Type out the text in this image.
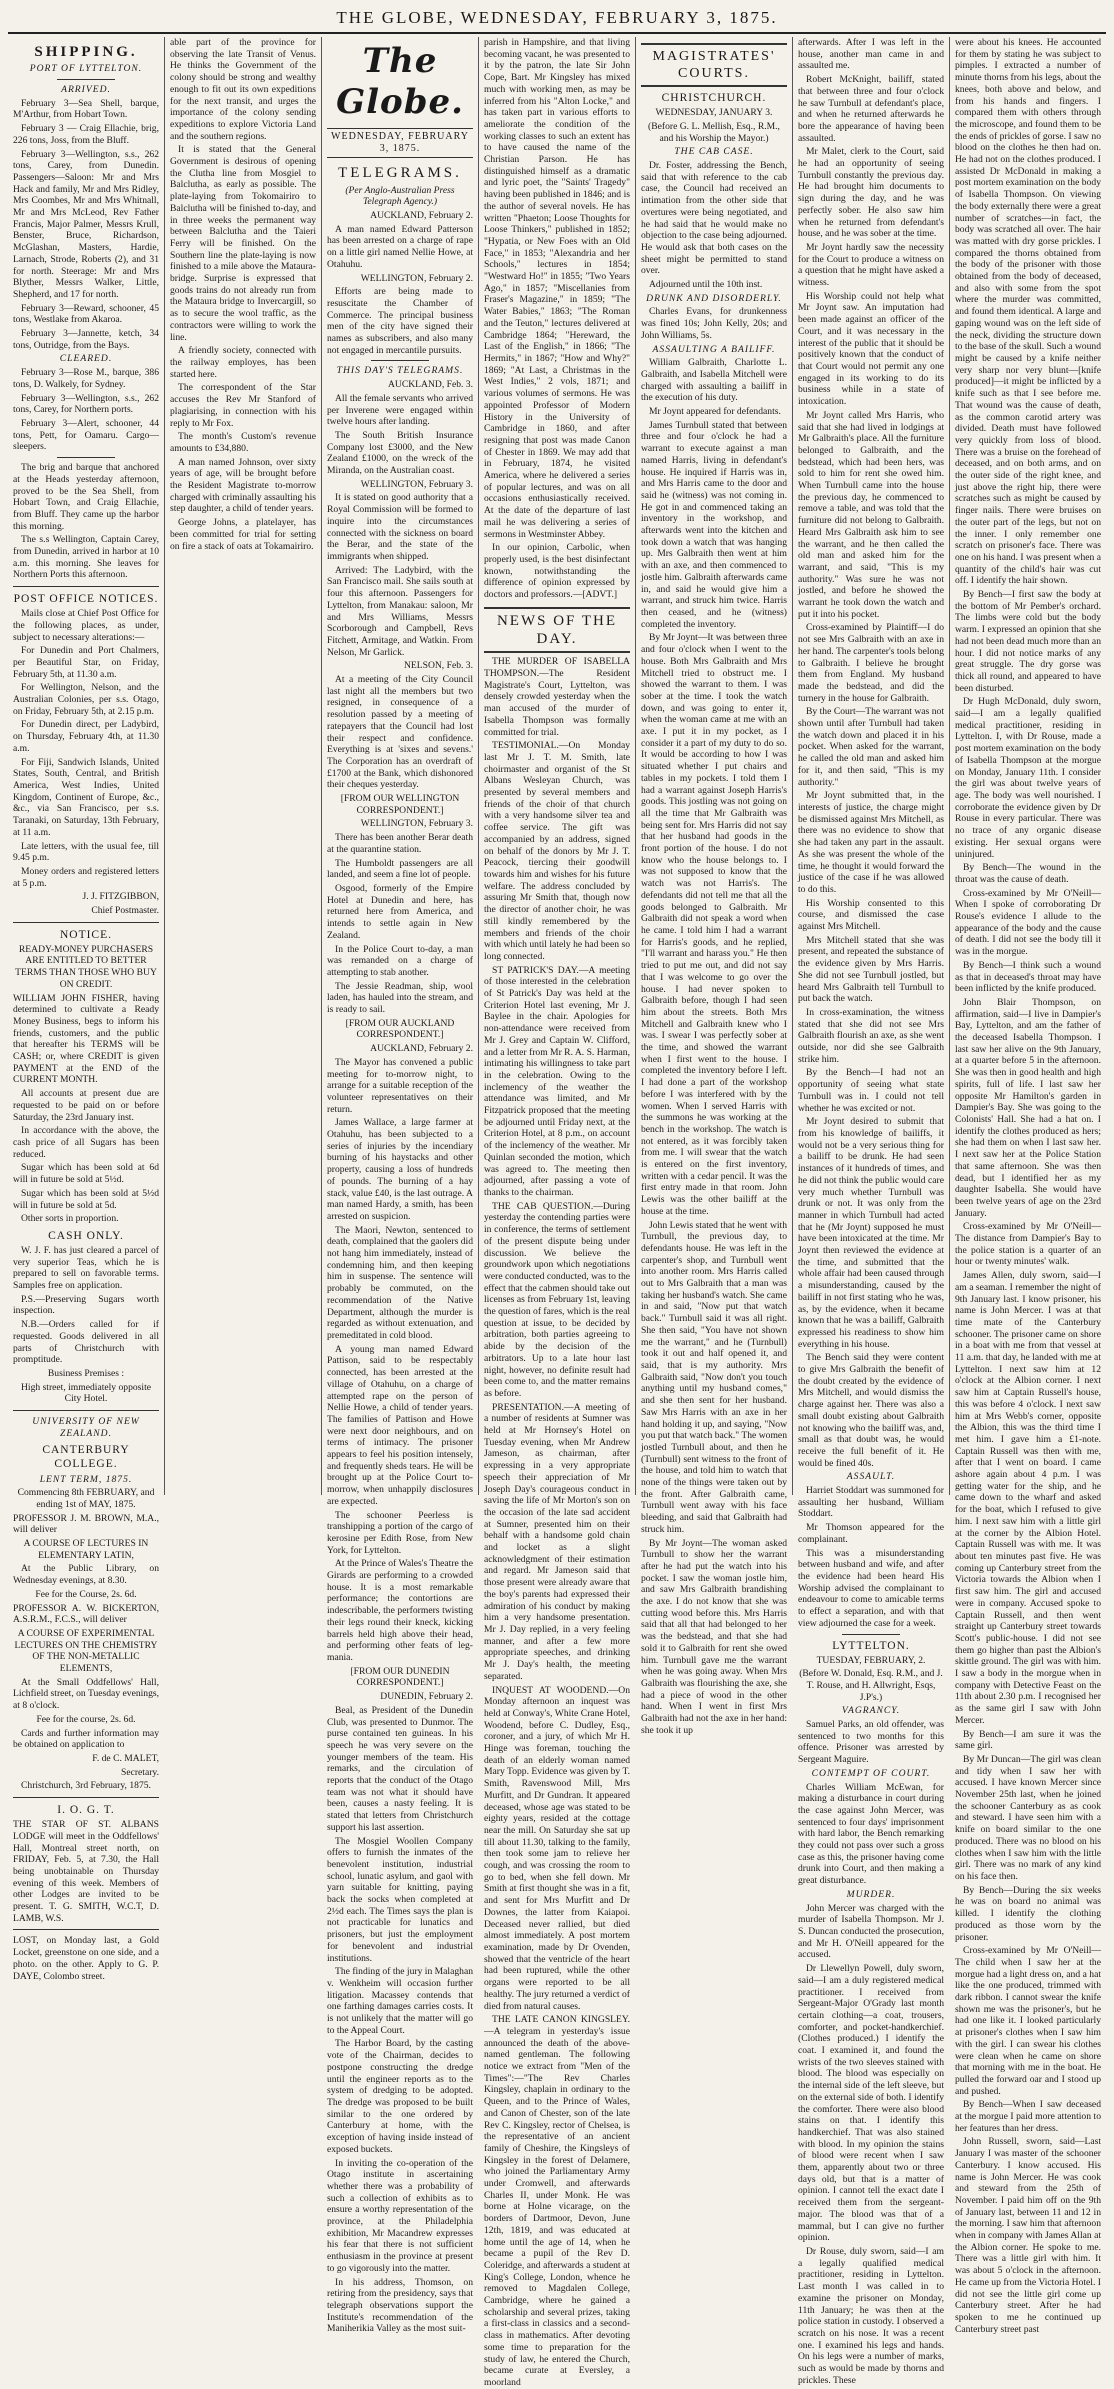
THE GLOBE, WEDNESDAY, FEBRUARY 3, 1875.
SHIPPING.
PORT OF LYTTELTON.
ARRIVED.

February 3—Sea Shell, barque, M'Arthur, from Hobart Town.

February 3 — Craig Ellachie, brig, 226 tons, Joss, from the Bluff.

February 3—Wellington, s.s., 262 tons, Carey, from Dunedin. Passengers—Saloon: Mr and Mrs Hack and family, Mr and Mrs Ridley, Mrs Coombes, Mr and Mrs Whitnall, Mr and Mrs McLeod, Rev Father Francis, Major Palmer, Messrs Krull, Benster, Bruce, Richardson, McGlashan, Masters, Hardie, Larnach, Strode, Roberts (2), and 31 for north. Steerage: Mr and Mrs Blyther, Messrs Walker, Little, Shepherd, and 17 for north.

February 3—Reward, schooner, 45 tons, Westlake from Akaroa.

February 3—Jannette, ketch, 34 tons, Outridge, from the Bays.

CLEARED.

February 3—Rose M., barque, 386 tons, D. Walkely, for Sydney.

February 3—Wellington, s.s., 262 tons, Carey, for Northern ports.

February 3—Alert, schooner, 44 tons, Pett, for Oamaru. Cargo—sleepers.

The brig and barque that anchored at the Heads yesterday afternoon, proved to be the Sea Shell, from Hobart Town, and Craig Ellachie, from Bluff. They came up the harbor this morning.

The s.s Wellington, Captain Carey, from Dunedin, arrived in harbor at 10 a.m. this morning. She leaves for Northern Ports this afternoon.

POST OFFICE NOTICES.

Mails close at Chief Post Office for the following places, as under, subject to necessary alterations:—

For Dunedin and Port Chalmers, per Beautiful Star, on Friday, February 5th, at 11.30 a.m.

For Wellington, Nelson, and the Australian Colonies, per s.s. Otago, on Friday, February 5th, at 2.15 p.m.

For Dunedin direct, per Ladybird, on Thursday, February 4th, at 11.30 a.m.

For Fiji, Sandwich Islands, United States, South, Central, and British America, West Indies, United Kingdom, Continent of Europe, &c., &c., via San Francisco, per s.s. Taranaki, on Saturday, 13th February, at 11 a.m.

Late letters, with the usual fee, till 9.45 p.m.

Money orders and registered letters at 5 p.m.

J. J. FITZGIBBON,

Chief Postmaster.

NOTICE.

READY-MONEY PURCHASERS ARE ENTITLED TO BETTER TERMS THAN THOSE WHO BUY ON CREDIT.

WILLIAM JOHN FISHER, having determined to cultivate a Ready Money Business, begs to inform his friends, customers, and the public that hereafter his TERMS will be CASH; or, where CREDIT is given PAYMENT at the END of the CURRENT MONTH.

All accounts at present due are requested to be paid on or before Saturday, the 23rd January inst.

In accordance with the above, the cash price of all Sugars has been reduced.

Sugar which has been sold at 6d will in future be sold at 5½d.

Sugar which has been sold at 5½d will in future be sold at 5d.

Other sorts in proportion.

CASH ONLY.

W. J. F. has just cleared a parcel of very superior Teas, which he is prepared to sell on favorable terms. Samples free on application.

P.S.—Preserving Sugars worth inspection.

N.B.—Orders called for if requested. Goods delivered in all parts of Christchurch with promptitude.

Business Premises :

High street, immediately opposite City Hotel.

UNIVERSITY OF NEW ZEALAND.
CANTERBURY COLLEGE.
LENT TERM, 1875.

Commencing 8th FEBRUARY, and ending 1st of MAY, 1875.

PROFESSOR J. M. BROWN, M.A., will deliver

A COURSE OF LECTURES IN ELEMENTARY LATIN,

At the Public Library, on Wednesday evenings, at 8.30.

Fee for the Course, 2s. 6d.

PROFESSOR A. W. BICKERTON, A.S.R.M., F.C.S., will deliver

A COURSE OF EXPERIMENTAL LECTURES ON THE CHEMISTRY OF THE NON-METALLIC ELEMENTS,

At the Small Oddfellows' Hall, Lichfield street, on Tuesday evenings, at 8 o'clock.

Fee for the course, 2s. 6d.

Cards and further information may be obtained on application to

F. de C. MALET,

Secretary.

Christchurch, 3rd February, 1875.

I. O. G. T.

THE STAR OF ST. ALBANS LODGE will meet in the Oddfellows' Hall, Montreal street north, on FRIDAY, Feb. 5, at 7.30, the Hall being unobtainable on Thursday evening of this week. Members of other Lodges are invited to be present. T. G. SMITH, W.C.T, D. LAMB, W.S.

LOST, on Monday last, a Gold Locket, greenstone on one side, and a photo. on the other. Apply to G. P. DAYE, Colombo street.

able part of the province for observing the late Transit of Venus. He thinks the Government of the colony should be strong and wealthy enough to fit out its own expeditions for the next transit, and urges the importance of the colony sending expeditions to explore Victoria Land and the southern regions.

It is stated that the General Government is desirous of opening the Clutha line from Mosgiel to Balclutha, as early as possible. The plate-laying from Tokomairiro to Balclutha will be finished to-day, and in three weeks the permanent way between Balclutha and the Taieri Ferry will be finished. On the Southern line the plate-laying is now finished to a mile above the Mataura-bridge. Surprise is expressed that goods trains do not already run from the Mataura bridge to Invercargill, so as to secure the wool traffic, as the contractors were willing to work the line.

A friendly society, connected with the railway employes, has been started here.

The correspondent of the Star accuses the Rev Mr Stanford of plagiarising, in connection with his reply to Mr Fox.

The month's Custom's revenue amounts to £34,880.

A man named Johnson, over sixty years of age, will be brought before the Resident Magistrate to-morrow charged with criminally assaulting his step daughter, a child of tender years.

George Johns, a platelayer, has been committed for trial for setting on fire a stack of oats at Tokamairiro.

The Globe.
WEDNESDAY, FEBRUARY 3, 1875.
TELEGRAMS.

(Per Anglo-Australian Press Telegraph Agency.)

AUCKLAND, February 2.

A man named Edward Patterson has been arrested on a charge of rape on a little girl named Nellie Howe, at Otahuhu.

WELLINGTON, February 2.

Efforts are being made to resuscitate the Chamber of Commerce. The principal business men of the city have signed their names as subscribers, and also many not engaged in mercantile pursuits.

THIS DAY'S TELEGRAMS.

AUCKLAND, Feb. 3.

All the female servants who arrived per Inverene were engaged within twelve hours after landing.

The South British Insurance Company lost £3000, and the New Zealand £1000, on the wreck of the Miranda, on the Australian coast.

WELLINGTON, February 3.

It is stated on good authority that a Royal Commission will be formed to inquire into the circumstances connected with the sickness on board the Berar, and the state of the immigrants when shipped.

Arrived: The Ladybird, with the San Francisco mail. She sails south at four this afternoon. Passengers for Lyttelton, from Manakau: saloon, Mr and Mrs Williams, Messrs Scorborough and Campbell, Revs Fitchett, Armitage, and Watkin. From Nelson, Mr Garlick.

NELSON, Feb. 3.

At a meeting of the City Council last night all the members but two resigned, in consequence of a resolution passed by a meeting of ratepayers that the Council had lost their respect and confidence. Everything is at 'sixes and sevens.' The Corporation has an overdraft of £1700 at the Bank, which dishonored their cheques yesterday.

[FROM OUR WELLINGTON CORRESPONDENT.]

WELLINGTON, February 3.

There has been another Berar death at the quarantine station.

The Humboldt passengers are all landed, and seem a fine lot of people.

Osgood, formerly of the Empire Hotel at Dunedin and here, has returned here from America, and intends to settle again in New Zealand.

In the Police Court to-day, a man was remanded on a charge of attempting to stab another.

The Jessie Readman, ship, wool laden, has hauled into the stream, and is ready to sail.

[FROM OUR AUCKLAND CORRESPONDENT.]

AUCKLAND, February 2.

The Mayor has convened a public meeting for to-morrow night, to arrange for a suitable reception of the volunteer representatives on their return.

James Wallace, a large farmer at Otahuhu, has been subjected to a series of injuries by the incendiary burning of his haystacks and other property, causing a loss of hundreds of pounds. The burning of a hay stack, value £40, is the last outrage. A man named Hardy, a smith, has been arrested on suspicion.

The Maori, Newton, sentenced to death, complained that the gaolers did not hang him immediately, instead of condemning him, and then keeping him in suspense. The sentence will probably be commuted, on the recommendation of the Native Department, although the murder is regarded as without extenuation, and premeditated in cold blood.

A young man named Edward Pattison, said to be respectably connected, has been arrested at the village of Otahuhu, on a charge of attempted rape on the person of Nellie Howe, a child of tender years. The families of Pattison and Howe were next door neighbours, and on terms of intimacy. The prisoner appears to feel his position intensely, and frequently sheds tears. He will be brought up at the Police Court to-morrow, when unhappily disclosures are expected.

The schooner Peerless is transhipping a portion of the cargo of kerosine per Edith Rose, from New York, for Lyttelton.

At the Prince of Wales's Theatre the Girards are performing to a crowded house. It is a most remarkable performance; the contortions are indescribable, the performers twisting their legs round their kneck, kicking barrels held high above their head, and performing other feats of leg-mania.

[FROM OUR DUNEDIN CORRESPONDENT.]

DUNEDIN, February 2.

Beal, as President of the Dunedin Club, was presented to Dunmor. The purse contained ten guineas. In his speech he was very severe on the younger members of the team. His remarks, and the circulation of reports that the conduct of the Otago team was not what it should have been, causes a nasty feeling. It is stated that letters from Christchurch support his last assertion.

The Mosgiel Woollen Company offers to furnish the inmates of the benevolent institution, industrial school, lunatic asylum, and gaol with yarn suitable for knitting, paying back the socks when completed at 2½d each. The Times says the plan is not practicable for lunatics and prisoners, but just the employment for benevolent and industrial institutions.

The finding of the jury in Malaghan v. Wenkheim will occasion further litigation. Macassey contends that one farthing damages carries costs. It is not unlikely that the matter will go to the Appeal Court.

The Harbor Board, by the casting vote of the Chairman, decides to postpone constructing the dredge until the engineer reports as to the system of dredging to be adopted. The dredge was proposed to be built similar to the one ordered by Canterbury at home, with the exception of having inside instead of exposed buckets.

In inviting the co-operation of the Otago institute in ascertaining whether there was a probability of such a collection of exhibits as to ensure a worthy representation of the province, at the Philadelphia exhibition, Mr Macandrew expresses his fear that there is not sufficient enthusiasm in the province at present to go vigorously into the matter.

In his address, Thomson, on retiring from the presidency, says that telegraph observations support the Institute's recommendation of the Maniherikia Valley as the most suit-

parish in Hampshire, and that living becoming vacant, he was presented to it by the patron, the late Sir John Cope, Bart. Mr Kingsley has mixed much with working men, as may be inferred from his "Alton Locke," and has taken part in various efforts to ameliorate the condition of the working classes to such an extent has to have caused the name of the Christian Parson. He has distinguished himself as a dramatic and lyric poet, the "Saints' Tragedy" having been published in 1846; and is the author of several novels. He has written "Phaeton; Loose Thoughts for Loose Thinkers," published in 1852; "Hypatia, or New Foes with an Old Face," in 1853; "Alexandria and her Schools," lectures in 1854; "Westward Ho!" in 1855; "Two Years Ago," in 1857; "Miscellanies from Fraser's Magazine," in 1859; "The Water Babies," 1863; "The Roman and the Teuton," lectures delivered at Cambridge 1864; "Hereward, the Last of the English," in 1866; "The Hermits," in 1867; "How and Why?" 1869; "At Last, a Christmas in the West Indies," 2 vols, 1871; and various volumes of sermons. He was appointed Professor of Modern History in the University of Cambridge in 1860, and after resigning that post was made Canon of Chester in 1869. We may add that in February, 1874, he visited America, where he delivered a series of popular lectures, and was on all occasions enthusiastically received. At the date of the departure of last mail he was delivering a series of sermons in Westminster Abbey.

In our opinion, Carbolic, when properly used, is the best disinfectant known, notwithstanding the difference of opinion expressed by doctors and professors.—[ADVT.]

NEWS OF THE DAY.

THE MURDER OF ISABELLA THOMPSON.—The Resident Magistrate's Court, Lyttelton, was densely crowded yesterday when the man accused of the murder of Isabella Thompson was formally committed for trial.

TESTIMONIAL.—On Monday last Mr J. T. M. Smith, late choirmaster and organist of the St Albans Wesleyan Church, was presented by several members and friends of the choir of that church with a very handsome silver tea and coffee service. The gift was accompanied by an address, signed on behalf of the donors by Mr J. T. Peacock, tiercing their goodwill towards him and wishes for his future welfare. The address concluded by assuring Mr Smith that, though now the director of another choir, he was still kindly remembered by the members and friends of the choir with which until lately he had been so long connected.

ST PATRICK'S DAY.—A meeting of those interested in the celebration of St Patrick's Day was held at the Criterion Hotel last evening, Mr J. Baylee in the chair. Apologies for non-attendance were received from Mr J. Grey and Captain W. Clifford, and a letter from Mr R. A. S. Harman, intimating his willingness to take part in the celebration. Owing to the inclemency of the weather the attendance was limited, and Mr Fitzpatrick proposed that the meeting be adjourned until Friday next, at the Criterion Hotel, at 8 p.m., on account of the inclemency of the weather. Mr Quinlan seconded the motion, which was agreed to. The meeting then adjourned, after passing a vote of thanks to the chairman.

THE CAB QUESTION.—During yesterday the contending parties were in conference, the terms of settlement of the present dispute being under discussion. We believe the groundwork upon which negotiations were conducted conducted, was to the effect that the cabmen should take out licenses as from February 1st, leaving the question of fares, which is the real question at issue, to be decided by arbitration, both parties agreeing to abide by the decision of the arbitrators. Up to a late hour last night, however, no definite result had been come to, and the matter remains as before.

PRESENTATION.—A meeting of a number of residents at Sumner was held at Mr Hornsey's Hotel on Tuesday evening, when Mr Andrew Jameson, as chairman, after expressing in a very appropriate speech their appreciation of Mr Joseph Day's courageous conduct in saving the life of Mr Morton's son on the occasion of the late sad accident at Sumner, presented him on their behalf with a handsome gold chain and locket as a slight acknowledgment of their estimation and regard. Mr Jameson said that those present were already aware that the boy's parents had expressed their admiration of his conduct by making him a very handsome presentation. Mr J. Day replied, in a very feeling manner, and after a few more appropriate speeches, and drinking Mr J. Day's health, the meeting separated.

INQUEST AT WOODEND.—On Monday afternoon an inquest was held at Conway's, White Crane Hotel, Woodend, before C. Dudley, Esq., coroner, and a jury, of which Mr H. Hinge was foreman, touching the death of an elderly woman named Mary Topp. Evidence was given by T. Smith, Ravenswood Mill, Mrs Murfitt, and Dr Gundran. It appeared deceased, whose age was stated to be eighty years, resided at the cottage near the mill. On Saturday she sat up till about 11.30, talking to the family, then took some jam to relieve her cough, and was crossing the room to go to bed, when she fell down. Mr Smith at first thought she was in a fit, and sent for Mrs Murfitt and Dr Downes, the latter from Kaiapoi. Deceased never rallied, but died almost immediately. A post mortem examination, made by Dr Ovenden, showed that the ventricle of the heart had been ruptured, while the other organs were reported to be all healthy. The jury returned a verdict of died from natural causes.

THE LATE CANON KINGSLEY.—A telegram in yesterday's issue announced the death of the above-named gentleman. The following notice we extract from "Men of the Times":—"The Rev Charles Kingsley, chaplain in ordinary to the Queen, and to the Prince of Wales, and Canon of Chester, son of the late Rev C. Kingsley, rector of Chelsea, is the representative of an ancient family of Cheshire, the Kingsleys of Kingsley in the forest of Delamere, who joined the Parliamentary Army under Cromwell, and afterwards Charles II, under Monk. He was borne at Holne vicarage, on the borders of Dartmoor, Devon, June 12th, 1819, and was educated at home until the age of 14, when he became a pupil of the Rev D. Coleridge, and afterwards a student at King's College, London, whence he removed to Magdalen College, Cambridge, where he gained a scholarship and several prizes, taking a first-class in classics and a second-class in mathematics. After devoting some time to preparation for the study of law, he entered the Church, became curate at Eversley, a moorland

MAGISTRATES' COURTS.
CHRISTCHURCH.

WEDNESDAY, JANUARY 3.

(Before G. L. Mellish, Esq., R.M., and his Worship the Mayor.)

THE CAB CASE.

Dr. Foster, addressing the Bench, said that with reference to the cab case, the Council had received an intimation from the other side that overtures were being negotiated, and he had said that he would make no objection to the case being adjourned. He would ask that both cases on the sheet might be permitted to stand over.

Adjourned until the 10th inst.

DRUNK AND DISORDERLY.

Charles Evans, for drunkenness was fined 10s; John Kelly, 20s; and John Williams, 5s.

ASSAULTING A BAILIFF.

William Galbraith, Charlotte L. Galbraith, and Isabella Mitchell were charged with assaulting a bailiff in the execution of his duty.

Mr Joynt appeared for defendants.

James Turnbull stated that between three and four o'clock he had a warrant to execute against a man named Harris, living in defendant's house. He inquired if Harris was in, and Mrs Harris came to the door and said he (witness) was not coming in. He got in and commenced taking an inventory in the workshop, and afterwards went into the kitchen and took down a watch that was hanging up. Mrs Galbraith then went at him with an axe, and then commenced to jostle him. Galbraith afterwards came in, and said he would give him a warrant, and struck him twice. Harris then ceased, and he (witness) completed the inventory.

By Mr Joynt—It was between three and four o'clock when I went to the house. Both Mrs Galbraith and Mrs Mitchell tried to obstruct me. I showed the warrant to them. I was sober at the time. I took the watch down, and was going to enter it, when the woman came at me with an axe. I put it in my pocket, as I consider it a part of my duty to do so. It would be according to how I was situated whether I put chairs and tables in my pockets. I told them I had a warrant against Joseph Harris's goods. This jostling was not going on all the time that Mr Galbraith was being sent for. Mrs Harris did not say that her husband had goods in the front portion of the house. I do not know who the house belongs to. I was not supposed to know that the watch was not Harris's. The defendants did not tell me that all the goods belonged to Galbraith. Mr Galbraith did not speak a word when he came. I told him I had a warrant for Harris's goods, and he replied, "I'll warrant and harass you." He then tried to put me out, and did not say that I was welcome to go over the house. I had never spoken to Galbraith before, though I had seen him about the streets. Both Mrs Mitchell and Galbraith knew who I was. I swear I was perfectly sober at the time, and showed the warrant when I first went to the house. I completed the inventory before I left. I had done a part of the workshop before I was interfered with by the women. When I served Harris with the summons he was working at the bench in the workshop. The watch is not entered, as it was forcibly taken from me. I will swear that the watch is entered on the first inventory, written with a cedar pencil. It was the first entry made in that room. John Lewis was the other bailiff at the house at the time.

John Lewis stated that he went with Turnbull, the previous day, to defendants house. He was left in the carpenter's shop, and Turnbull went into another room. Mrs Harris called out to Mrs Galbraith that a man was taking her husband's watch. She came in and said, "Now put that watch back." Turnbull said it was all right. She then said, "You have not shown me the warrant," and he (Turnbull) took it out and half opened it, and said, that is my authority. Mrs Galbraith said, "Now don't you touch anything until my husband comes," and she then sent for her husband. Saw Mrs Harris with an axe in her hand holding it up, and saying, "Now you put that watch back." The women jostled Turnbull about, and then he (Turnbull) sent witness to the front of the house, and told him to watch that none of the things were taken out by the front. After Galbraith came, Turnbull went away with his face bleeding, and said that Galbraith had struck him.

By Mr Joynt—The woman asked Turnbull to show her the warrant after he had put the watch into his pocket. I saw the woman jostle him, and saw Mrs Galbraith brandishing the axe. I do not know that she was cutting wood before this. Mrs Harris said that all that had belonged to her was the bedstead, and that she had sold it to Galbraith for rent she owed him. Turnbull gave me the warrant when he was going away. When Mrs Galbraith was flourishing the axe, she had a piece of wood in the other hand. When I went in first Mrs Galbraith had not the axe in her hand: she took it up

afterwards. After I was left in the house, another man came in and assaulted me.

Robert McKnight, bailiff, stated that between three and four o'clock he saw Turnbull at defendant's place, and when he returned afterwards he bore the appearance of having been assaulted.

Mr Malet, clerk to the Court, said he had an opportunity of seeing Turnbull constantly the previous day. He had brought him documents to sign during the day, and he was perfectly sober. He also saw him when he returned from defendant's house, and he was sober at the time.

Mr Joynt hardly saw the necessity for the Court to produce a witness on a question that he might have asked a witness.

His Worship could not help what Mr Joynt saw. An imputation had been made against an officer of the Court, and it was necessary in the interest of the public that it should be positively known that the conduct of that Court would not permit any one engaged in its working to do its business while in a state of intoxication.

Mr Joynt called Mrs Harris, who said that she had lived in lodgings at Mr Galbraith's place. All the furniture belonged to Galbraith, and the bedstead, which had been hers, was sold to him for rent she owed him. When Turnbull came into the house the previous day, he commenced to remove a table, and was told that the furniture did not belong to Galbraith. Heard Mrs Galbraith ask him to see the warrant, and he then called the old man and asked him for the warrant, and said, "This is my authority." Was sure he was not jostled, and before he showed the warrant he took down the watch and put it into his pocket.

Cross-examined by Plaintiff—I do not see Mrs Galbraith with an axe in her hand. The carpenter's tools belong to Galbraith. I believe he brought them from England. My husband made the bedstead, and did the turnery in the house for Galbraith.

By the Court—The warrant was not shown until after Turnbull had taken the watch down and placed it in his pocket. When asked for the warrant, he called the old man and asked him for it, and then said, "This is my authority."

Mr Joynt submitted that, in the interests of justice, the charge might be dismissed against Mrs Mitchell, as there was no evidence to show that she had taken any part in the assault. As she was present the whole of the time, he thought it would forward the justice of the case if he was allowed to do this.

His Worship consented to this course, and dismissed the case against Mrs Mitchell.

Mrs Mitchell stated that she was present, and repeated the substance of the evidence given by Mrs Harris. She did not see Turnbull jostled, but heard Mrs Galbraith tell Turnbull to put back the watch.

In cross-examination, the witness stated that she did not see Mrs Galbraith flourish an axe, as she went outside, nor did she see Galbraith strike him.

By the Bench—I had not an opportunity of seeing what state Turnbull was in. I could not tell whether he was excited or not.

Mr Joynt desired to submit that from his knowledge of bailiffs, it would not be a very serious thing for a bailiff to be drunk. He had seen instances of it hundreds of times, and he did not think the public would care very much whether Turnbull was drunk or not. It was only from the manner in which Turnbull had acted that he (Mr Joynt) supposed he must have been intoxicated at the time. Mr Joynt then reviewed the evidence at the time, and submitted that the whole affair had been caused through a misunderstanding, caused by the bailiff in not first stating who he was, as, by the evidence, when it became known that he was a bailiff, Galbraith expressed his readiness to show him everything in his house.

The Bench said they were content to give Mrs Galbraith the benefit of the doubt created by the evidence of Mrs Mitchell, and would dismiss the charge against her. There was also a small doubt existing about Galbraith not knowing who the bailiff was, and, small as that doubt was, he would receive the full benefit of it. He would be fined 40s.

ASSAULT.

Harriet Stoddart was summoned for assaulting her husband, William Stoddart.

Mr Thomson appeared for the complainant.

This was a misunderstanding between husband and wife, and after the evidence had been heard His Worship advised the complainant to endeavour to come to amicable terms to effect a separation, and with that view adjourned the case for a week.

LYTTELTON.

TUESDAY, FEBRUARY, 2.

(Before W. Donald, Esq. R.M., and J. T. Rouse, and H. Allwright, Esqs, J.P's.)

VAGRANCY.

Samuel Parks, an old offender, was sentenced to two months for this offence. Prisoner was arrested by Sergeant Maguire.

CONTEMPT OF COURT.

Charles William McEwan, for making a disturbance in court during the case against John Mercer, was sentenced to four days' imprisonment with hard labor, the Bench remarking they could not pass over such a gross case as this, the prisoner having come drunk into Court, and then making a great disturbance.

MURDER.

John Mercer was charged with the murder of Isabella Thompson. Mr J. S. Duncan conducted the prosecution, and Mr H. O'Neill appeared for the accused.

Dr Llewellyn Powell, duly sworn, said—I am a duly registered medical practitioner. I received from Sergeant-Major O'Grady last month certain clothing—a coat, trousers, comforter, and pocket-handkerchief. (Clothes produced.) I identify the coat. I examined it, and found the wrists of the two sleeves stained with blood. The blood was especially on the internal side of the left sleeve, but on the external side of both. I identify the comforter. There were also blood stains on that. I identify this handkerchief. That was also stained with blood. In my opinion the stains of blood were recent when I saw them, apparently about two or three days old, but that is a matter of opinion. I cannot tell the exact date I received them from the sergeant-major. The blood was that of a mammal, but I can give no further opinion.

Dr Rouse, duly sworn, said—I am a legally qualified medical practitioner, residing in Lyttelton. Last month I was called in to examine the prisoner on Monday, 11th January; he was then at the police station in custody. I observed a scratch on his nose. It was a recent one. I examined his legs and hands. On his legs were a number of marks, such as would be made by thorns and prickles. These

were about his knees. He accounted for them by stating he was subject to pimples. I extracted a number of minute thorns from his legs, about the knees, both above and below, and from his hands and fingers. I compared them with others through the microscope, and found them to be the ends of prickles of gorse. I saw no blood on the clothes he then had on. He had not on the clothes produced. I assisted Dr McDonald in making a post mortem examination on the body of Isabella Thompson. On viewing the body externally there were a great number of scratches—in fact, the body was scratched all over. The hair was matted with dry gorse prickles. I compared the thorns obtained from the body of the prisoner with those obtained from the body of deceased, and also with some from the spot where the murder was committed, and found them identical. A large and gaping wound was on the left side of the neck, dividing the structure down to the base of the skull. Such a wound might be caused by a knife neither very sharp nor very blunt—[knife produced]—it might be inflicted by a knife such as that I see before me. That wound was the cause of death, as the common carotid artery was divided. Death must have followed very quickly from loss of blood. There was a bruise on the forehead of deceased, and on both arms, and on the outer side of the right knee, and just above the right hip, there were scratches such as might be caused by finger nails. There were bruises on the outer part of the legs, but not on the inner. I only remember one scratch on prisoner's face. There was one on his hand. I was present when a quantity of the child's hair was cut off. I identify the hair shown.

By Bench—I first saw the body at the bottom of Mr Pember's orchard. The limbs were cold but the body warm. I expressed an opinion that she had not been dead much more than an hour. I did not notice marks of any great struggle. The dry gorse was thick all round, and appeared to have been disturbed.

Dr Hugh McDonald, duly sworn, said—I am a legally qualified medical practitioner, residing in Lyttelton. I, with Dr Rouse, made a post mortem examination on the body of Isabella Thompson at the morgue on Monday, January 11th. I consider the girl was about twelve years of age. The body was well nourished. I corroborate the evidence given by Dr Rouse in every particular. There was no trace of any organic disease existing. Her sexual organs were uninjured.

By Bench—The wound in the throat was the cause of death.

Cross-examined by Mr O'Neill—When I spoke of corroborating Dr Rouse's evidence I allude to the appearance of the body and the cause of death. I did not see the body till it was in the morgue.

By Bench—I think such a wound as that in deceased's throat may have been inflicted by the knife produced.

John Blair Thompson, on affirmation, said—I live in Dampier's Bay, Lyttelton, and am the father of the deceased Isabella Thompson. I last saw her alive on the 9th January, at a quarter before 5 in the afternoon. She was then in good health and high spirits, full of life. I last saw her opposite Mr Hamilton's garden in Dampier's Bay. She was going to the Colonists' Hall. She had a hat on. I identify the clothes produced as hers; she had them on when I last saw her. I next saw her at the Police Station that same afternoon. She was then dead, but I identified her as my daughter Isabella. She would have been twelve years of age on the 23rd January.

Cross-examined by Mr O'Neill—The distance from Dampier's Bay to the police station is a quarter of an hour or twenty minutes' walk.

James Allen, duly sworn, said—I am a seaman. I remember the night of 9th January last. I know prisoner, his name is John Mercer. I was at that time mate of the Canterbury schooner. The prisoner came on shore in a boat with me from that vessel at 11 a.m. that day, he landed with me at Lyttelton. I next saw him at 12 o'clock at the Albion corner. I next saw him at Captain Russell's house, this was before 4 o'clock. I next saw him at Mrs Webb's corner, opposite the Albion, this was the third time I met him. I gave him a £1-note. Captain Russell was then with me, after that I went on board. I came ashore again about 4 p.m. I was getting water for the ship, and he came down to the wharf and asked for the boat, which I refused to give him. I next saw him with a little girl at the corner by the Albion Hotel. Captain Russell was with me. It was about ten minutes past five. He was coming up Canterbury street from the Victoria towards the Albion when I first saw him. The girl and accused were in company. Accused spoke to Captain Russell, and then went straight up Canterbury street towards Scott's public-house. I did not see them go higher than past the Albion's skittle ground. The girl was with him. I saw a body in the morgue when in company with Detective Feast on the 11th about 2.30 p.m. I recognised her as the same girl I saw with John Mercer.

By Bench—I am sure it was the same girl.

By Mr Duncan—The girl was clean and tidy when I saw her with accused. I have known Mercer since November 25th last, when he joined the schooner Canterbury as as cook and steward. I have seen him with a knife on board similar to the one produced. There was no blood on his clothes when I saw him with the little girl. There was no mark of any kind on his face then.

By Bench—During the six weeks he was on board no animal was killed. I identify the clothing produced as those worn by the prisoner.

Cross-examined by Mr O'Neill—The child when I saw her at the morgue had a light dress on, and a hat like the one produced, trimmed with dark ribbon. I cannot swear the knife shown me was the prisoner's, but he had one like it. I looked particularly at prisoner's clothes when I saw him with the girl. I can swear his clothes were clean when he came on shore that morning with me in the boat. He pulled the forward oar and I stood up and pushed.

By Bench—When I saw deceased at the morgue I paid more attention to her features than her dress.

John Russell, sworn, said—Last January I was master of the schooner Canterbury. I know accused. His name is John Mercer. He was cook and steward from the 25th of November. I paid him off on the 9th of January last, between 11 and 12 in the morning. I saw him that afternoon when in company with James Allan at the Albion corner. He spoke to me. There was a little girl with him. It was about 5 o'clock in the afternoon. He came up from the Victoria Hotel. I did not see the little girl come up Canterbury street. After he had spoken to me he continued up Canterbury street past
